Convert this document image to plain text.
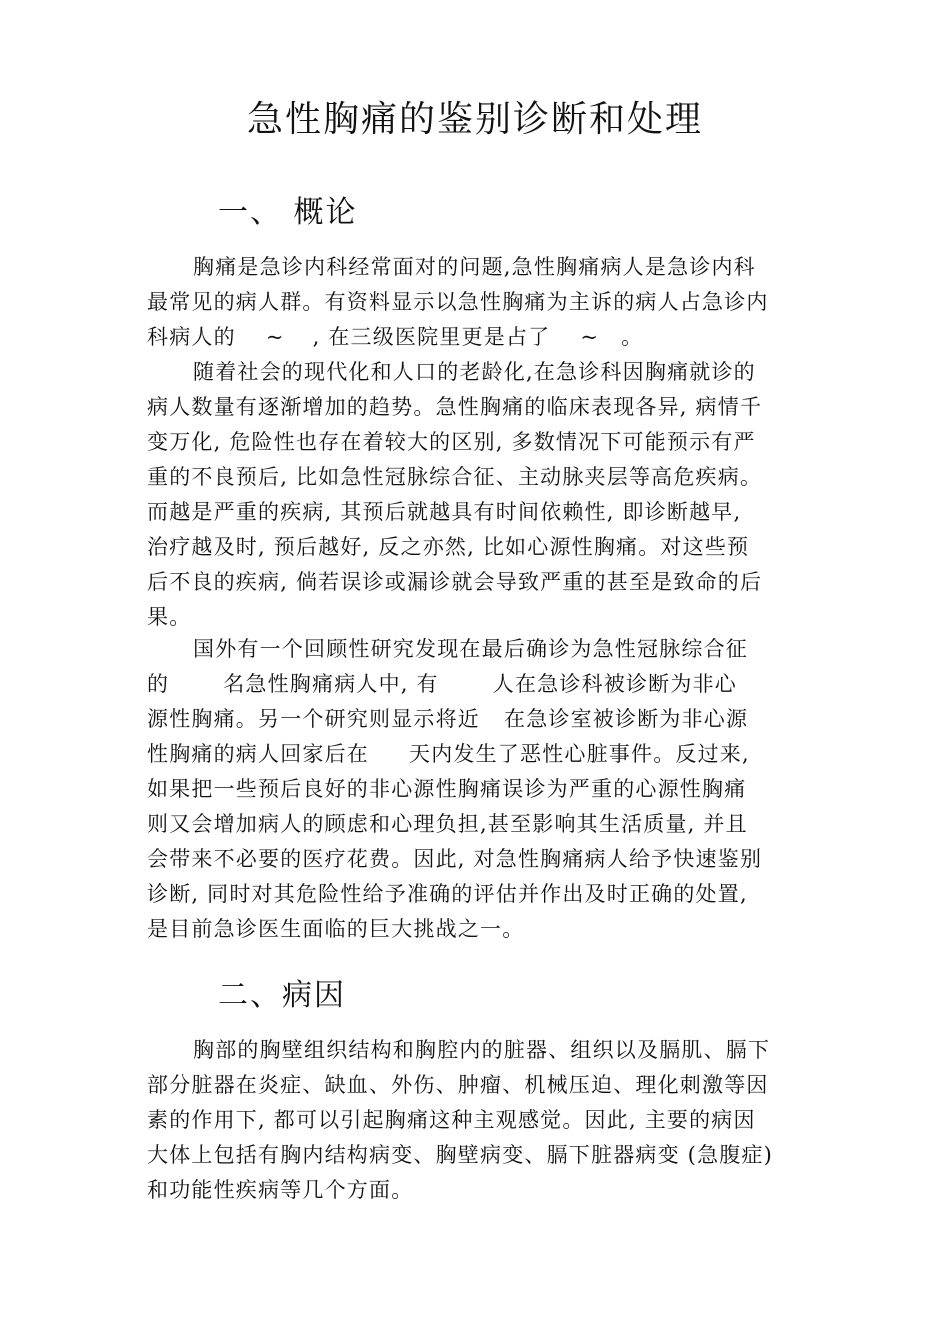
急性胸痛的鉴别诊断和处理
一、 概论

胸痛是急诊内科经常面对的问题,急性胸痛病人是急诊内科
最常见的病人群。有资料显示以急性胸痛为主诉的病人占急诊内
科病人的 ~ , 在三级医院里更是占了 ~ 。

随着社会的现代化和人口的老龄化,在急诊科因胸痛就诊的
病人数量有逐渐增加的趋势。急性胸痛的临床表现各异, 病情千
变万化, 危险性也存在着较大的区别, 多数情况下可能预示有严
重的不良预后, 比如急性冠脉综合征、主动脉夹层等高危疾病。
而越是严重的疾病, 其预后就越具有时间依赖性, 即诊断越早,
治疗越及时, 预后越好, 反之亦然, 比如心源性胸痛。对这些预
后不良的疾病, 倘若误诊或漏诊就会导致严重的甚至是致命的后
果。

国外有一个回顾性研究发现在最后确诊为急性冠脉综合征
的	名急性胸痛病人中, 有	人在急诊科被诊断为非心
源性胸痛。另一个研究则显示将近 在急诊室被诊断为非心源
性胸痛的病人回家后在 天内发生了恶性心脏事件。反过来,
如果把一些预后良好的非心源性胸痛误诊为严重的心源性胸痛
则又会增加病人的顾虑和心理负担,甚至影响其生活质量, 并且
会带来不必要的医疗花费。因此, 对急性胸痛病人给予快速鉴别
诊断, 同时对其危险性给予准确的评估并作出及时正确的处置,
是目前急诊医生面临的巨大挑战之一。

二、病因

胸部的胸壁组织结构和胸腔内的脏器、组织以及膈肌、膈下
部分脏器在炎症、缺血、外伤、肿瘤、机械压迫、理化刺激等因
素的作用下, 都可以引起胸痛这种主观感觉。因此, 主要的病因
大体上包括有胸内结构病变、胸壁病变、膈下脏器病变 (急腹症)
和功能性疾病等几个方面。
